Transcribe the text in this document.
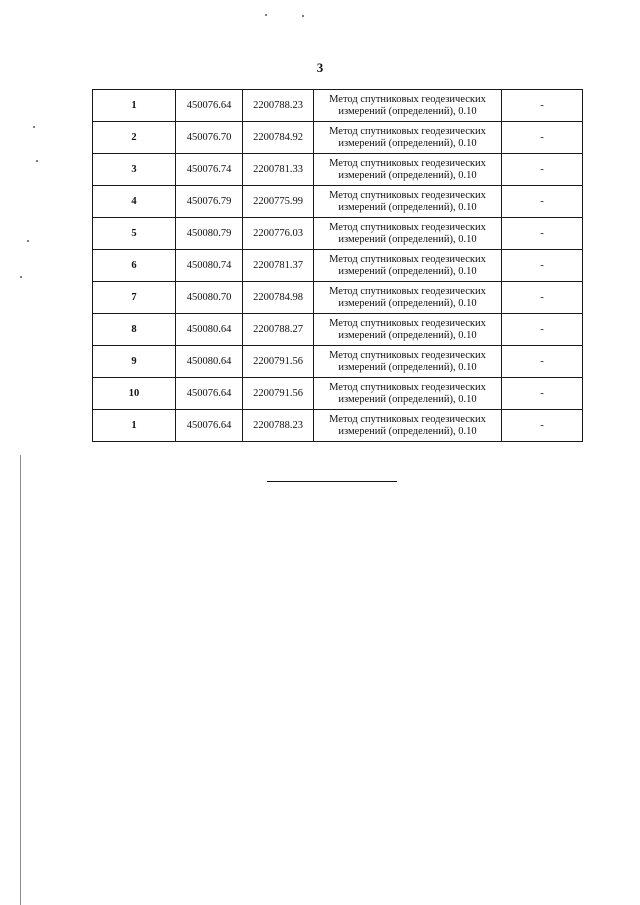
3
1	450076.64	2200788.23	Метод спутниковых геодезических измерений (определений), 0.10	-
2	450076.70	2200784.92	Метод спутниковых геодезических измерений (определений), 0.10	-
3	450076.74	2200781.33	Метод спутниковых геодезических измерений (определений), 0.10	-
4	450076.79	2200775.99	Метод спутниковых геодезических измерений (определений), 0.10	-
5	450080.79	2200776.03	Метод спутниковых геодезических измерений (определений), 0.10	-
6	450080.74	2200781.37	Метод спутниковых геодезических измерений (определений), 0.10	-
7	450080.70	2200784.98	Метод спутниковых геодезических измерений (определений), 0.10	-
8	450080.64	2200788.27	Метод спутниковых геодезических измерений (определений), 0.10	-
9	450080.64	2200791.56	Метод спутниковых геодезических измерений (определений), 0.10	-
10	450076.64	2200791.56	Метод спутниковых геодезических измерений (определений), 0.10	-
1	450076.64	2200788.23	Метод спутниковых геодезических измерений (определений), 0.10	-
